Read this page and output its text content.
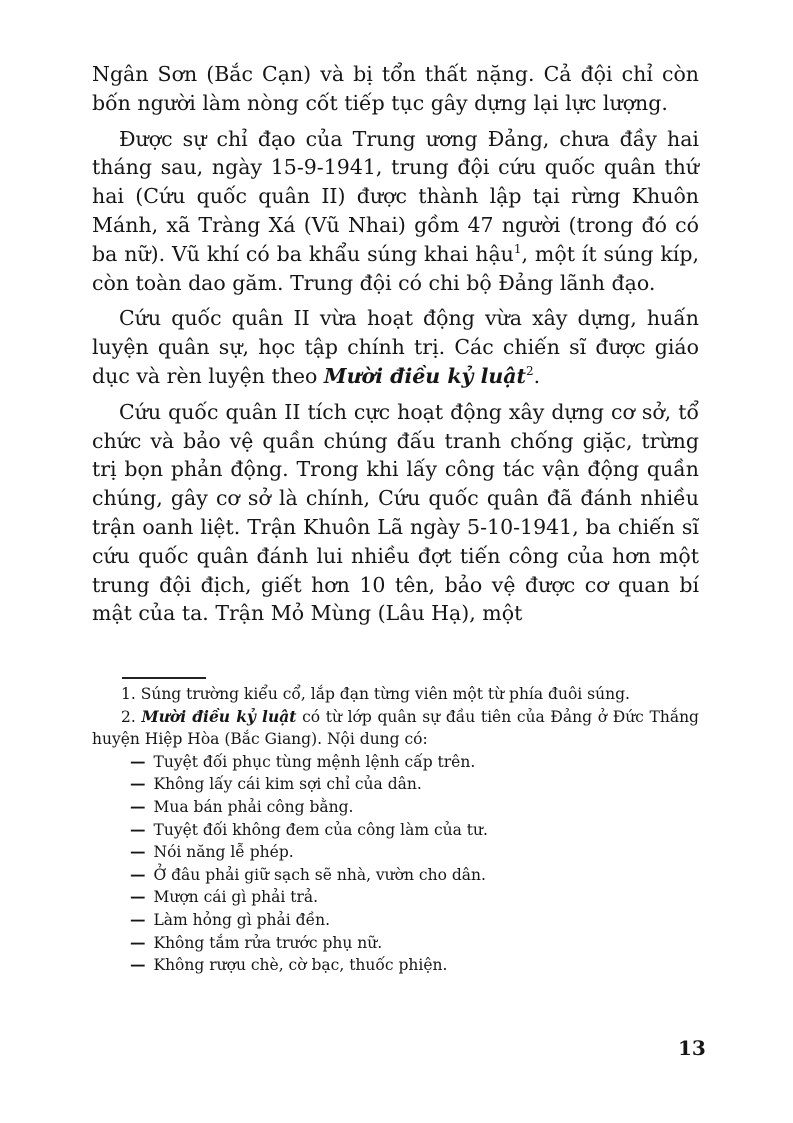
Ngân Sơn (Bắc Cạn) và bị tổn thất nặng. Cả đội chỉ còn bốn người làm nòng cốt tiếp tục gây dựng lại lực lượng.

Được sự chỉ đạo của Trung ương Đảng, chưa đầy hai tháng sau, ngày 15-9-1941, trung đội cứu quốc quân thứ hai (Cứu quốc quân II) được thành lập tại rừng Khuôn Mánh, xã Tràng Xá (Vũ Nhai) gồm 47 người (trong đó có ba nữ). Vũ khí có ba khẩu súng khai hậu$^1$, một ít súng kíp, còn toàn dao găm. Trung đội có chi bộ Đảng lãnh đạo.

Cứu quốc quân II vừa hoạt động vừa xây dựng, huấn luyện quân sự, học tập chính trị. Các chiến sĩ được giáo dục và rèn luyện theo Mười điều kỷ luật$^2$.

Cứu quốc quân II tích cực hoạt động xây dựng cơ sở, tổ chức và bảo vệ quần chúng đấu tranh chống giặc, trừng trị bọn phản động. Trong khi lấy công tác vận động quần chúng, gây cơ sở là chính, Cứu quốc quân đã đánh nhiều trận oanh liệt. Trận Khuôn Lã ngày 5-10-1941, ba chiến sĩ cứu quốc quân đánh lui nhiều đợt tiến công của hơn một trung đội địch, giết hơn 10 tên, bảo vệ được cơ quan bí mật của ta. Trận Mỏ Mùng (Lâu Hạ), một

1. Súng trường kiểu cổ, lắp đạn từng viên một từ phía đuôi súng.

2. Mười điều kỷ luật có từ lớp quân sự đầu tiên của Đảng ở Đức Thắng huyện Hiệp Hòa (Bắc Giang). Nội dung có:

— Tuyệt đối phục tùng mệnh lệnh cấp trên.
— Không lấy cái kim sợi chỉ của dân.
— Mua bán phải công bằng.
— Tuyệt đối không đem của công làm của tư.
— Nói năng lễ phép.
— Ở đâu phải giữ sạch sẽ nhà, vườn cho dân.
— Mượn cái gì phải trả.
— Làm hỏng gì phải đền.
— Không tắm rửa trước phụ nữ.
— Không rượu chè, cờ bạc, thuốc phiện.
13
